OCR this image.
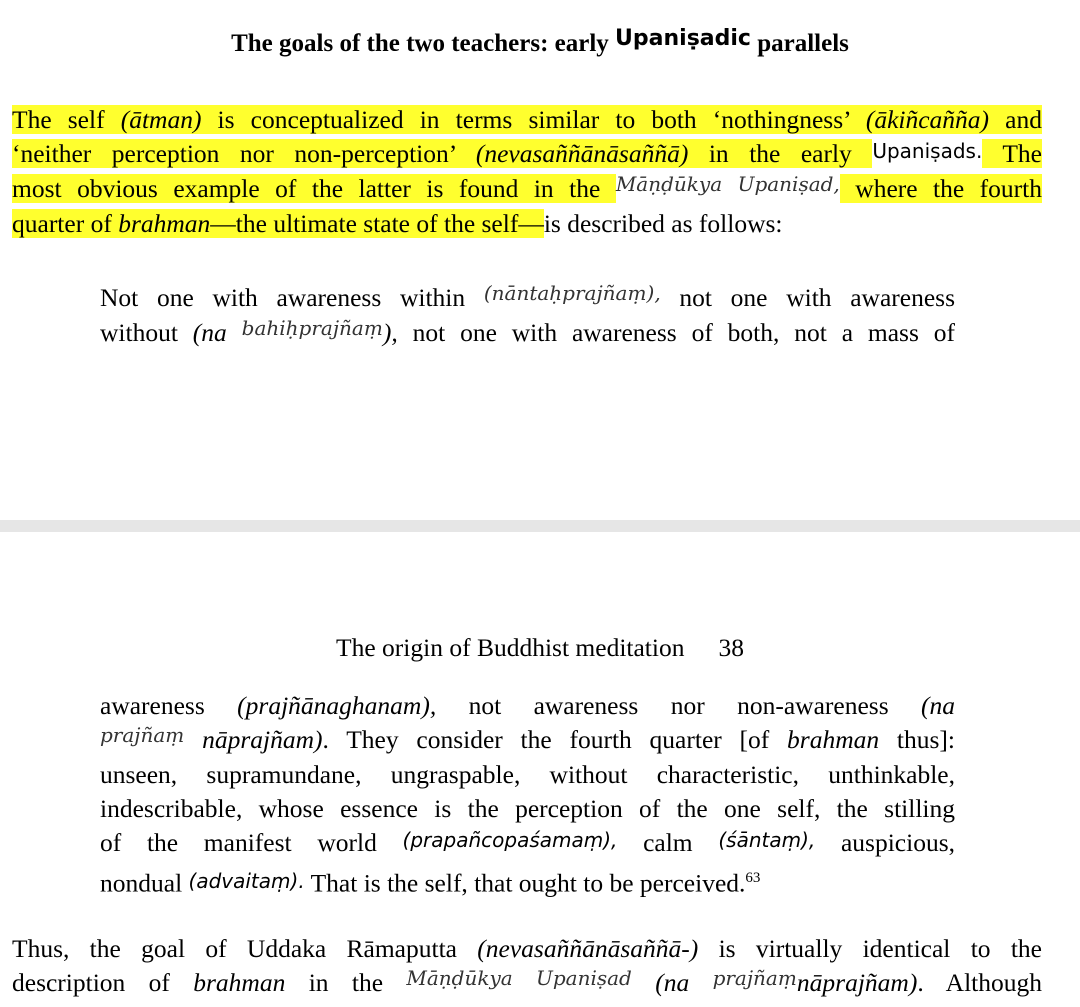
The goals of the two teachers: early Upaniṣadic parallels
The self (ātman) is conceptualized in terms similar to both ‘nothingness’ (ākiñcañña) and
‘neither perception nor non-perception’ (nevasaññānāsaññā) in the early Upaniṣads. The
most obvious example of the latter is found in the $^{Māṇḍūkya Upaniṣad,}$ where the fourth
quarter of brahman—the ultimate state of the self—is described as follows:
Not one with awareness within $^{(nāntaḥprajñaṃ),}$ not one with awareness
without (na $^{bahiḥprajñaṃ}$), not one with awareness of both, not a mass of
The origin of Buddhist meditation 38
awareness (prajñānaghanam), not awareness nor non-awareness (na
$^{prajñaṃ}$ nāprajñam). They consider the fourth quarter [of brahman thus]:
unseen, supramundane, ungraspable, without characteristic, unthinkable,
indescribable, whose essence is the perception of the one self, the stilling
of the manifest world (prapañcopaśamaṃ), calm (śāntaṃ), auspicious,
nondual (advaitaṃ). That is the self, that ought to be perceived.$^{63}$
Thus, the goal of Uddaka Rāmaputta (nevasaññānāsaññā-) is virtually identical to the
description of brahman in the $^{Māṇḍūkya Upaniṣad}$ (na $^{prajñaṃ}$nāprajñam). Although
